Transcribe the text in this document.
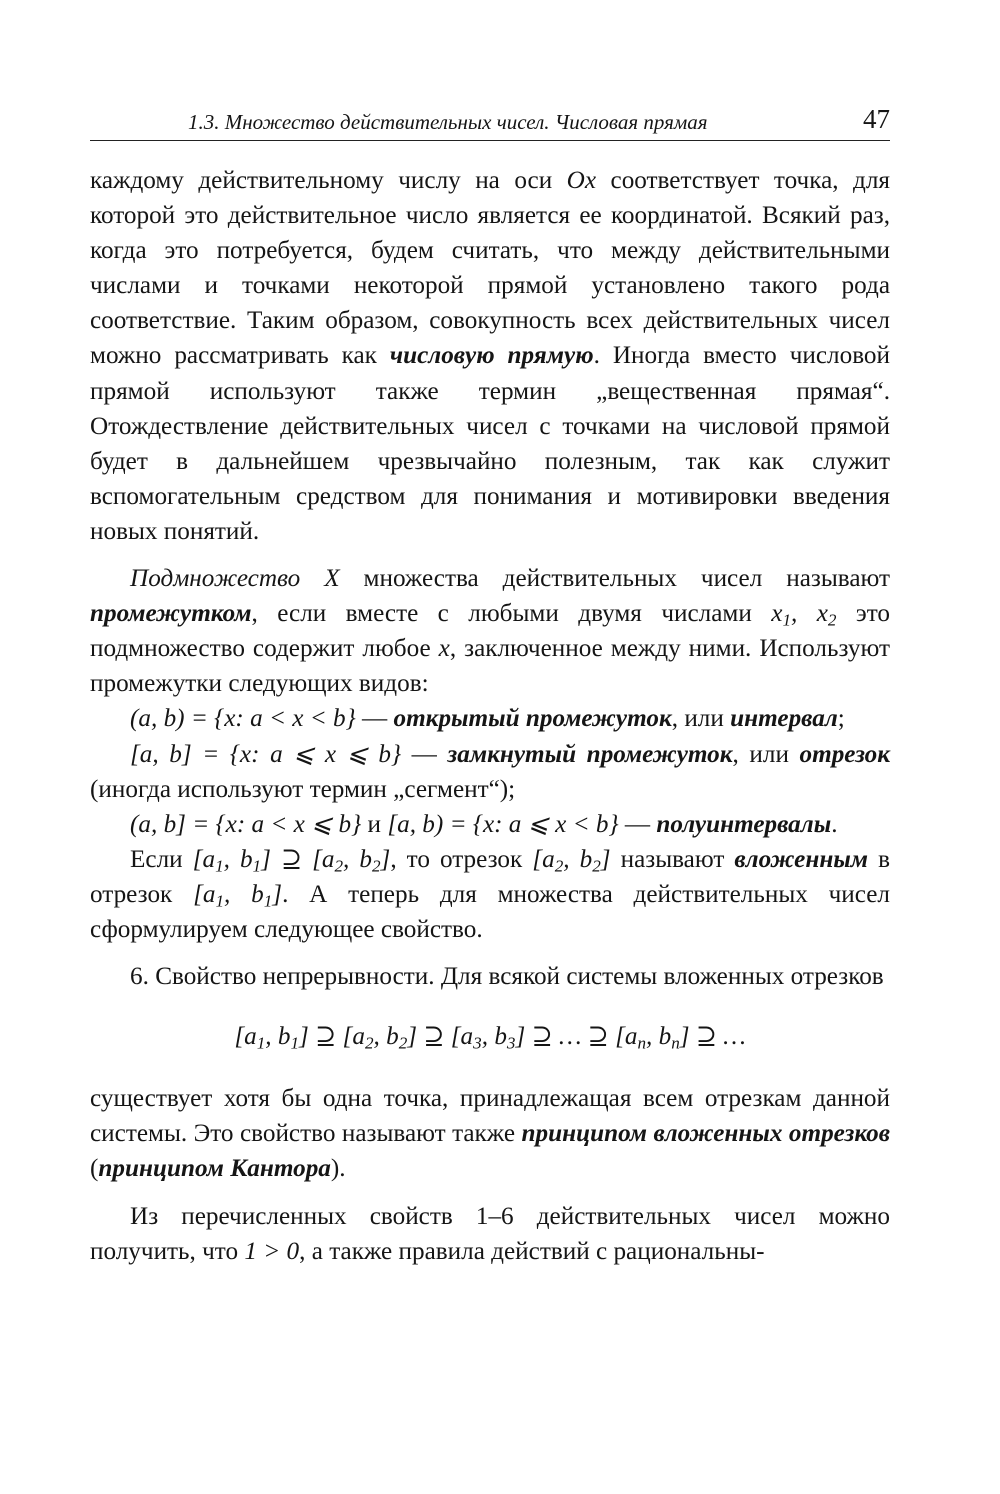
1.3. Множество действительных чисел. Числовая прямая	47

каждому действительному числу на оси Ox соответствует точка, для которой это действительное число является ее координатой. Всякий раз, когда это потребуется, будем считать, что между действительными числами и точками некоторой прямой установлено такого рода соответствие. Таким образом, совокупность всех действительных чисел можно рассматривать как числовую прямую. Иногда вместо числовой прямой используют также термин „вещественная прямая“. Отождествление действительных чисел с точками на числовой прямой будет в дальнейшем чрезвычайно полезным, так как служит вспомогательным средством для понимания и мотивировки введения новых понятий.

Подмножество X множества действительных чисел называют промежутком, если вместе с любыми двумя числами $x_1$, $x_2$ это подмножество содержит любое x, заключенное между ними. Используют промежутки следующих видов:

(a, b) = {x: a < x < b} — открытый промежуток, или интервал;

[a, b] = {x: a ⩽ x ⩽ b} — замкнутый промежуток, или отрезок (иногда используют термин „сегмент“);

(a, b] = {x: a < x ⩽ b} и [a, b) = {x: a ⩽ x < b} — полуинтервалы.

Если [$a_1$, $b_1$] ⊇ [$a_2$, $b_2$], то отрезок [$a_2$, $b_2$] называют вложенным в отрезок [$a_1$, $b_1$]. А теперь для множества действительных чисел сформулируем следующее свойство.

6. Свойство непрерывности. Для всякой системы вложенных отрезков

[$a_1$, $b_1$] ⊇ [$a_2$, $b_2$] ⊇ [$a_3$, $b_3$] ⊇ … ⊇ [$a_n$, $b_n$] ⊇ …

существует хотя бы одна точка, принадлежащая всем отрезкам данной системы. Это свойство называют также принципом вложенных отрезков (принципом Кантора).

Из перечисленных свойств 1–6 действительных чисел можно получить, что 1 > 0, а также правила действий с рациональны-
